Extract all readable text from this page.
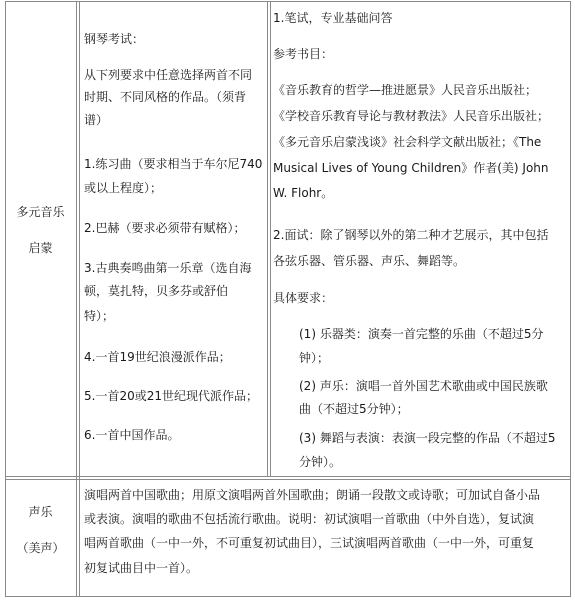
多元音乐
启蒙
钢琴考试：
从下列要求中任意选择两首不同
时期、不同风格的作品。（须背
谱）
1.练习曲（要求相当于车尔尼740
或以上程度）；
2.巴赫（要求必须带有赋格）；
3.古典奏鸣曲第一乐章（选自海
顿，莫扎特，贝多芬或舒伯
特）；
4.一首19世纪浪漫派作品；
5.一首20或21世纪现代派作品；
6.一首中国作品。
1.笔试，专业基础问答
参考书目：
《音乐教育的哲学—推进愿景》人民音乐出版社；
《学校音乐教育导论与教材教法》人民音乐出版社；
《多元音乐启蒙浅谈》社会科学文献出版社；《The
Musical Lives of Young Children》作者(美) John
W. Flohr。
2.面试：除了钢琴以外的第二种才艺展示，其中包括
各弦乐器、管乐器、声乐、舞蹈等。
具体要求：
(1) 乐器类：演奏一首完整的乐曲（不超过5分
钟）；
(2) 声乐：演唱一首外国艺术歌曲或中国民族歌
曲（不超过5分钟）；
(3) 舞蹈与表演：表演一段完整的作品（不超过5
分钟）。
声乐
（美声）
演唱两首中国歌曲；用原文演唱两首外国歌曲；朗诵一段散文或诗歌；可加试自备小品
或表演。演唱的歌曲不包括流行歌曲。说明：初试演唱一首歌曲（中外自选），复试演
唱两首歌曲（一中一外，不可重复初试曲目），三试演唱两首歌曲（一中一外，可重复
初复试曲目中一首）。
